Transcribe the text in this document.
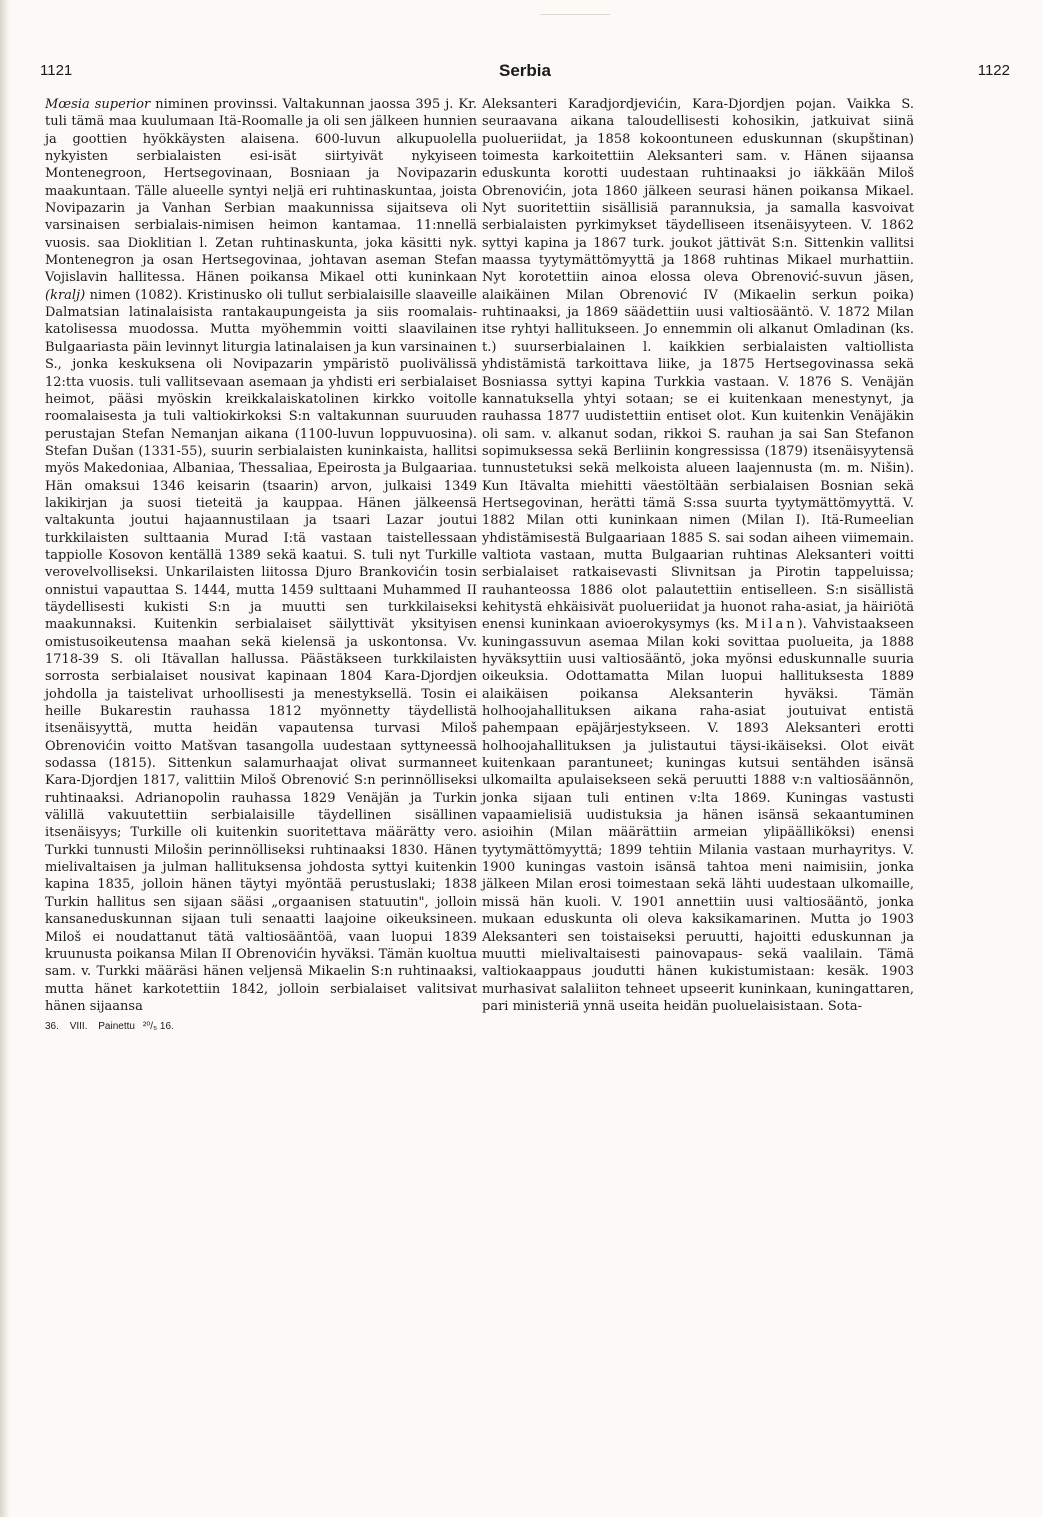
1121	Serbia	1122

Mœsia superior niminen provinssi. Valtakunnan jaossa 395 j. Kr. tuli tämä maa kuulumaan Itä-Roomalle ja oli sen jälkeen hunnien ja goottien hyökkäysten alaisena. 600-luvun alkupuolella nykyisten serbialaisten esi-isät siirtyivät nykyiseen Montenegroon, Hertsegovinaan, Bosniaan ja Novipazarin maakuntaan. Tälle alueelle syntyi neljä eri ruhtinaskuntaa, joista Novipazarin ja Vanhan Serbian maakunnissa sijaitseva oli varsinaisen serbialais-nimisen heimon kantamaa. 11:nnellä vuosis. saa Dioklitian l. Zetan ruhtinaskunta, joka käsitti nyk. Montenegron ja osan Hertsegovinaa, johtavan aseman Stefan Vojislavin hallitessa. Hänen poikansa Mikael otti kuninkaan (kralj) nimen (1082). Kristinusko oli tullut serbialaisille slaaveille Dalmatsian latinalaisista rantakaupungeista ja siis roomalais-katolisessa muodossa. Mutta myöhemmin voitti slaavilainen Bulgaariasta päin levinnyt liturgia latinalaisen ja kun varsinainen S., jonka keskuksena oli Novipazarin ympäristö puolivälissä 12:tta vuosis. tuli vallitsevaan asemaan ja yhdisti eri serbialaiset heimot, pääsi myöskin kreikkalaiskatolinen kirkko voitolle roomalaisesta ja tuli valtiokirkoksi S:n valtakunnan suuruuden perustajan Stefan Nemanjan aikana (1100-luvun loppuvuosina). Stefan Dušan (1331-55), suurin serbialaisten kuninkaista, hallitsi myös Makedoniaa, Albaniaa, Thessaliaa, Epeirosta ja Bulgaariaa. Hän omaksui 1346 keisarin (tsaarin) arvon, julkaisi 1349 lakikirjan ja suosi tieteitä ja kauppaa. Hänen jälkeensä valtakunta joutui hajaannustilaan ja tsaari Lazar joutui turkkilaisten sulttaania Murad I:tä vastaan taistellessaan tappiolle Kosovon kentällä 1389 sekä kaatui. S. tuli nyt Turkille verovelvolliseksi. Unkarilaisten liitossa Djuro Brankovićin tosin onnistui vapauttaa S. 1444, mutta 1459 sulttaani Muhammed II täydellisesti kukisti S:n ja muutti sen turkkilaiseksi maakunnaksi. Kuitenkin serbialaiset säilyttivät yksityisen omistusoikeutensa maahan sekä kielensä ja uskontonsa. Vv. 1718-39 S. oli Itävallan hallussa. Päästäkseen turkkilaisten sorrosta serbialaiset nousivat kapinaan 1804 Kara-Djordjen johdolla ja taistelivat urhoollisesti ja menestyksellä. Tosin ei heille Bukarestin rauhassa 1812 myönnetty täydellistä itsenäisyyttä, mutta heidän vapautensa turvasi Miloš Obrenovićin voitto Matšvan tasangolla uudestaan syttyneessä sodassa (1815). Sittenkun salamurhaajat olivat surmanneet Kara-Djordjen 1817, valittiin Miloš Obrenović S:n perinnölliseksi ruhtinaaksi. Adrianopolin rauhassa 1829 Venäjän ja Turkin välillä vakuutettiin serbialaisille täydellinen sisällinen itsenäisyys; Turkille oli kuitenkin suoritettava määrätty vero. Turkki tunnusti Milošin perinnölliseksi ruhtinaaksi 1830. Hänen mielivaltaisen ja julman hallituksensa johdosta syttyi kuitenkin kapina 1835, jolloin hänen täytyi myöntää perustuslaki; 1838 Turkin hallitus sen sijaan sääsi „orgaanisen statuutin", jolloin kansaneduskunnan sijaan tuli senaatti laajoine oikeuksineen. Miloš ei noudattanut tätä valtiosääntöä, vaan luopui 1839 kruunusta poikansa Milan II Obrenovićin hyväksi. Tämän kuoltua sam. v. Turkki määräsi hänen veljensä Mikaelin S:n ruhtinaaksi, mutta hänet karkotettiin 1842, jolloin serbialaiset valitsivat hänen sijaansa

36. VIII. Painettu ²⁰/₅ 16.

Aleksanteri Karadjordjevićin, Kara-Djordjen pojan. Vaikka S. seuraavana aikana taloudellisesti kohosikin, jatkuivat siinä puolueriidat, ja 1858 kokoontuneen eduskunnan (skupštinan) toimesta karkoitettiin Aleksanteri sam. v. Hänen sijaansa eduskunta korotti uudestaan ruhtinaaksi jo iäkkään Miloš Obrenovićin, jota 1860 jälkeen seurasi hänen poikansa Mikael. Nyt suoritettiin sisällisiä parannuksia, ja samalla kasvoivat serbialaisten pyrkimykset täydelliseen itsenäisyyteen. V. 1862 syttyi kapina ja 1867 turk. joukot jättivät S:n. Sittenkin vallitsi maassa tyytymättömyyttä ja 1868 ruhtinas Mikael murhattiin. Nyt korotettiin ainoa elossa oleva Obrenović-suvun jäsen, alaikäinen Milan Obrenović IV (Mikaelin serkun poika) ruhtinaaksi, ja 1869 säädettiin uusi valtiosääntö. V. 1872 Milan itse ryhtyi hallitukseen. Jo ennemmin oli alkanut Omladinan (ks. t.) suurserbialainen l. kaikkien serbialaisten valtiollista yhdistämistä tarkoittava liike, ja 1875 Hertsegovinassa sekä Bosniassa syttyi kapina Turkkia vastaan. V. 1876 S. Venäjän kannatuksella yhtyi sotaan; se ei kuitenkaan menestynyt, ja rauhassa 1877 uudistettiin entiset olot. Kun kuitenkin Venäjäkin oli sam. v. alkanut sodan, rikkoi S. rauhan ja sai San Stefanon sopimuksessa sekä Berliinin kongressissa (1879) itsenäisyytensä tunnustetuksi sekä melkoista alueen laajennusta (m. m. Nišin). Kun Itävalta miehitti väestöltään serbialaisen Bosnian sekä Hertsegovinan, herätti tämä S:ssa suurta tyytymättömyyttä. V. 1882 Milan otti kuninkaan nimen (Milan I). Itä-Rumeelian yhdistämisestä Bulgaariaan 1885 S. sai sodan aiheen viimemain. valtiota vastaan, mutta Bulgaarian ruhtinas Aleksanteri voitti serbialaiset ratkaisevasti Slivnitsan ja Pirotin tappeluissa; rauhanteossa 1886 olot palautettiin entiselleen. S:n sisällistä kehitystä ehkäisivät puolueriidat ja huonot raha-asiat, ja häiriötä enensi kuninkaan avioerokysymys (ks. Milan). Vahvistaakseen kuningassuvun asemaa Milan koki sovittaa puolueita, ja 1888 hyväksyttiin uusi valtiosääntö, joka myönsi eduskunnalle suuria oikeuksia. Odottamatta Milan luopui hallituksesta 1889 alaikäisen poikansa Aleksanterin hyväksi. Tämän holhoojahallituksen aikana raha-asiat joutuivat entistä pahempaan epäjärjestykseen. V. 1893 Aleksanteri erotti holhoojahallituksen ja julistautui täysi-ikäiseksi. Olot eivät kuitenkaan parantuneet; kuningas kutsui sentähden isänsä ulkomailta apulaisekseen sekä peruutti 1888 v:n valtiosäännön, jonka sijaan tuli entinen v:lta 1869. Kuningas vastusti vapaamielisiä uudistuksia ja hänen isänsä sekaantuminen asioihin (Milan määrättiin armeian ylipäälliköksi) enensi tyytymättömyyttä; 1899 tehtiin Milania vastaan murhayritys. V. 1900 kuningas vastoin isänsä tahtoa meni naimisiin, jonka jälkeen Milan erosi toimestaan sekä lähti uudestaan ulkomaille, missä hän kuoli. V. 1901 annettiin uusi valtiosääntö, jonka mukaan eduskunta oli oleva kaksikamarinen. Mutta jo 1903 Aleksanteri sen toistaiseksi peruutti, hajoitti eduskunnan ja muutti mielivaltaisesti painovapaus- sekä vaalilain. Tämä valtiokaappaus joudutti hänen kukistumistaan: kesäk. 1903 murhasivat salaliiton tehneet upseerit kuninkaan, kuningattaren, pari ministeriä ynnä useita heidän puoluelaisistaan. Sota-
